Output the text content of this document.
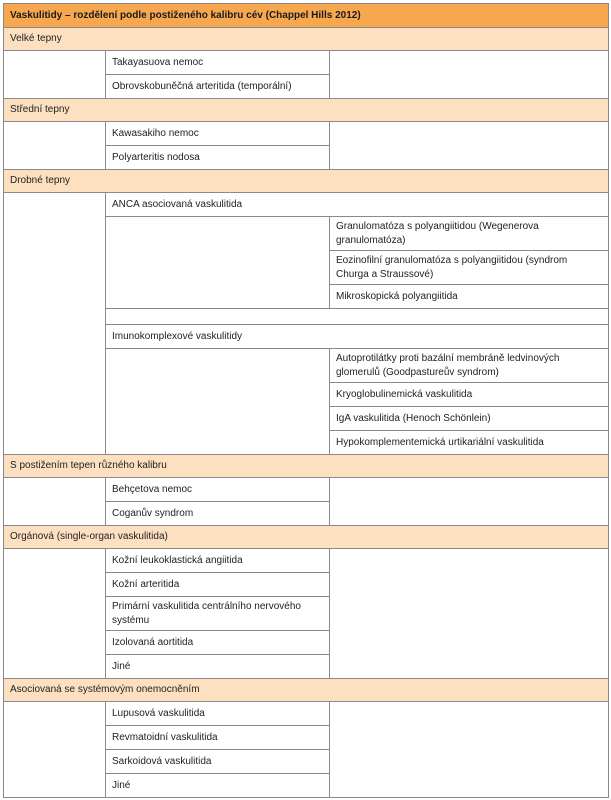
Vaskulitidy – rozdělení podle postiženého kalibru cév (Chappel Hills 2012)		
Velké tepny		
	Takayasuova nemoc	
	Obrovskobuněčná arteritida (temporální)	
Střední tepny		
	Kawasakiho nemoc	
	Polyarteritis nodosa	
Drobné tepny		
	ANCA asociovaná vaskulitida	
		Granulomatóza s polyangiitidou (Wegenerova granulomatóza)
		Eozinofilní granulomatóza s polyangiitidou (syndrom Churga a Straussové)
		Mikroskopická polyangiitida

	Imunokomplexové vaskulitidy	
		Autoprotilátky proti bazální membráně ledvinových glomerulů (Goodpastureův syndrom)
		Kryoglobulinemická vaskulitida
		IgA vaskulitida (Henoch Schönlein)
		Hypokomplementemická urtikariální vaskulitida
S postižením tepen různého kalibru		
	Behçetova nemoc	
	Coganův syndrom	
Orgánová (single-organ vaskulitida)		
	Kožní leukoklastická angiitida	
	Kožní arteritida	
	Primární vaskulitida centrálního nervového systému	
	Izolovaná aortitida	
	Jiné	
Asociovaná se systémovým onemocněním		
	Lupusová vaskulitida	
	Revmatoidní vaskulitida	
	Sarkoidová vaskulitida	
	Jiné	
